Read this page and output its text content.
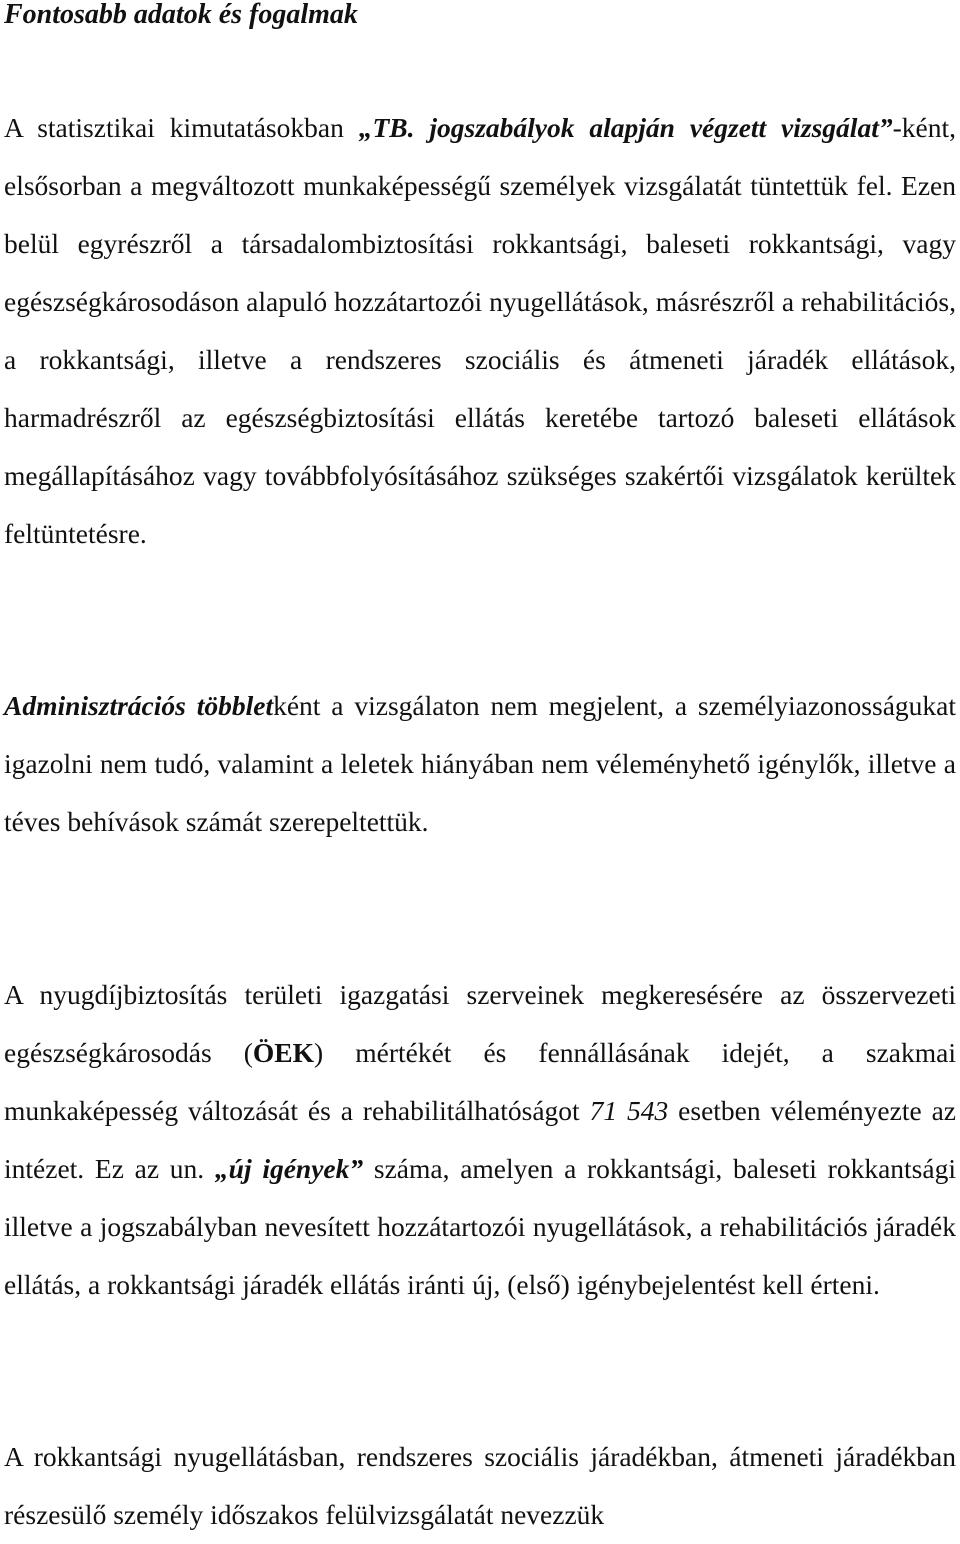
Fontosabb adatok és fogalmak

A statisztikai kimutatásokban „TB. jogszabályok alapján végzett vizsgálat”-ként, elsősorban a megváltozott munkaképességű személyek vizsgálatát tüntettük fel. Ezen belül egyrészről a társadalombiztosítási rokkantsági, baleseti rokkantsági, vagy egészségkárosodáson alapuló hozzátartozói nyugellátások, másrészről a rehabilitációs, a rokkantsági, illetve a rendszeres szociális és átmeneti járadék ellátások, harmadrészről az egészségbiztosítási ellátás keretébe tartozó baleseti ellátások megállapításához vagy továbbfolyósításához szükséges szakértői vizsgálatok kerültek feltüntetésre.

Adminisztrációs többletként a vizsgálaton nem megjelent, a személyiazonosságukat igazolni nem tudó, valamint a leletek hiányában nem véleményhető igénylők, illetve a téves behívások számát szerepeltettük.

A nyugdíjbiztosítás területi igazgatási szerveinek megkeresésére az összervezeti egészségkárosodás (ÖEK) mértékét és fennállásának idejét, a szakmai munkaképesség változását és a rehabilitálhatóságot 71 543 esetben véleményezte az intézet. Ez az un. „új igények” száma, amelyen a rokkantsági, baleseti rokkantsági illetve a jogszabályban nevesített hozzátartozói nyugellátások, a rehabilitációs járadék ellátás, a rokkantsági járadék ellátás iránti új, (első) igénybejelentést kell érteni.

A rokkantsági nyugellátásban, rendszeres szociális járadékban, átmeneti járadékban részesülő személy időszakos felülvizsgálatát nevezzük
